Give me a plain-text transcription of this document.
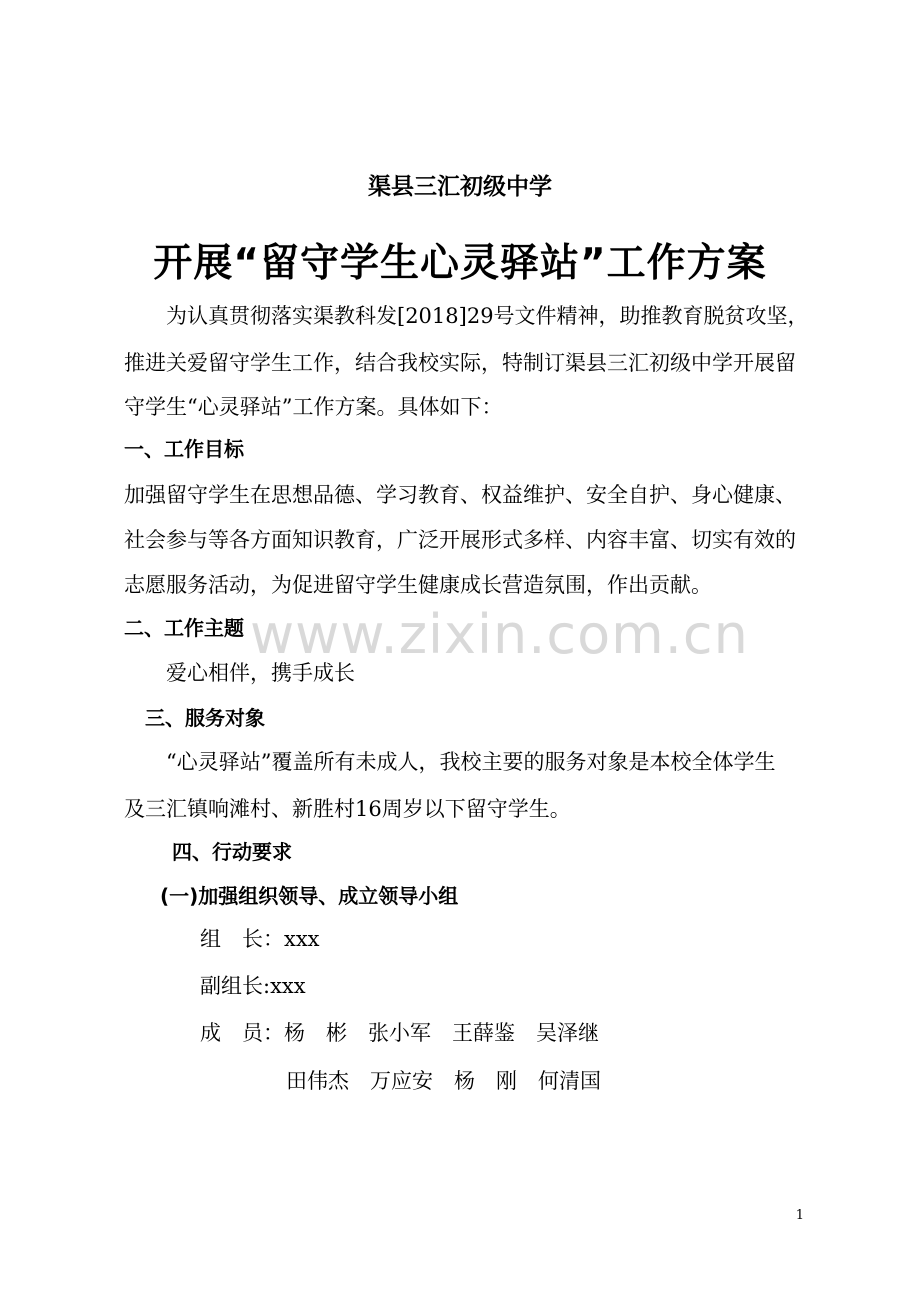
渠县三汇初级中学
开展“留守学生心灵驿站”工作方案
为认真贯彻落实渠教科发[2018]29号文件精神，助推教育脱贫攻坚，
推进关爱留守学生工作，结合我校实际，特制订渠县三汇初级中学开展留
守学生“心灵驿站”工作方案。具体如下：
一、工作目标
加强留守学生在思想品德、学习教育、权益维护、安全自护、身心健康、
社会参与等各方面知识教育，广泛开展形式多样、内容丰富、切实有效的
志愿服务活动，为促进留守学生健康成长营造氛围，作出贡献。
二、工作主题
爱心相伴，携手成长
三、服务对象
“心灵驿站”覆盖所有未成人，我校主要的服务对象是本校全体学生
及三汇镇响滩村、新胜村16周岁以下留守学生。
四、行动要求
(一)加强组织领导、成立领导小组
组　长：xxx
副组长:xxx
成　员：杨　彬　张小军　王薛鉴　吴泽继
田伟杰　万应安　杨　刚　何清国
www.zixin.com.cn
1
